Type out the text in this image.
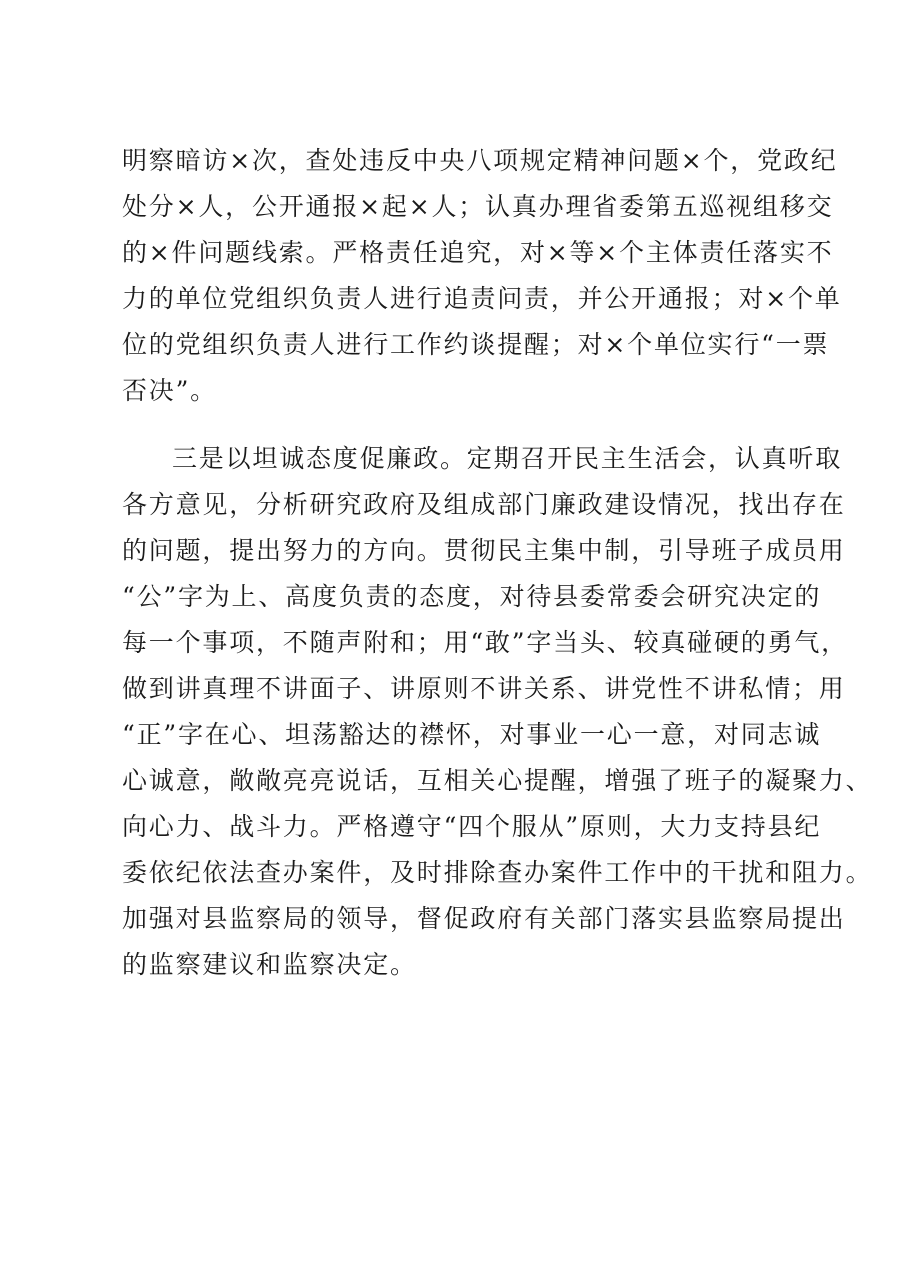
明察暗访×次，查处违反中央八项规定精神问题×个，党政纪
处分×人，公开通报×起×人；认真办理省委第五巡视组移交
的×件问题线索。严格责任追究，对×等×个主体责任落实不
力的单位党组织负责人进行追责问责，并公开通报；对×个单
位的党组织负责人进行工作约谈提醒；对×个单位实行“一票
否决”。
三是以坦诚态度促廉政。定期召开民主生活会，认真听取
各方意见，分析研究政府及组成部门廉政建设情况，找出存在
的问题，提出努力的方向。贯彻民主集中制，引导班子成员用
“公”字为上、高度负责的态度，对待县委常委会研究决定的
每一个事项，不随声附和；用“敢”字当头、较真碰硬的勇气，
做到讲真理不讲面子、讲原则不讲关系、讲党性不讲私情；用
“正”字在心、坦荡豁达的襟怀，对事业一心一意，对同志诚
心诚意，敞敞亮亮说话，互相关心提醒，增强了班子的凝聚力、
向心力、战斗力。严格遵守“四个服从”原则，大力支持县纪
委依纪依法查办案件，及时排除查办案件工作中的干扰和阻力。
加强对县监察局的领导，督促政府有关部门落实县监察局提出
的监察建议和监察决定。
